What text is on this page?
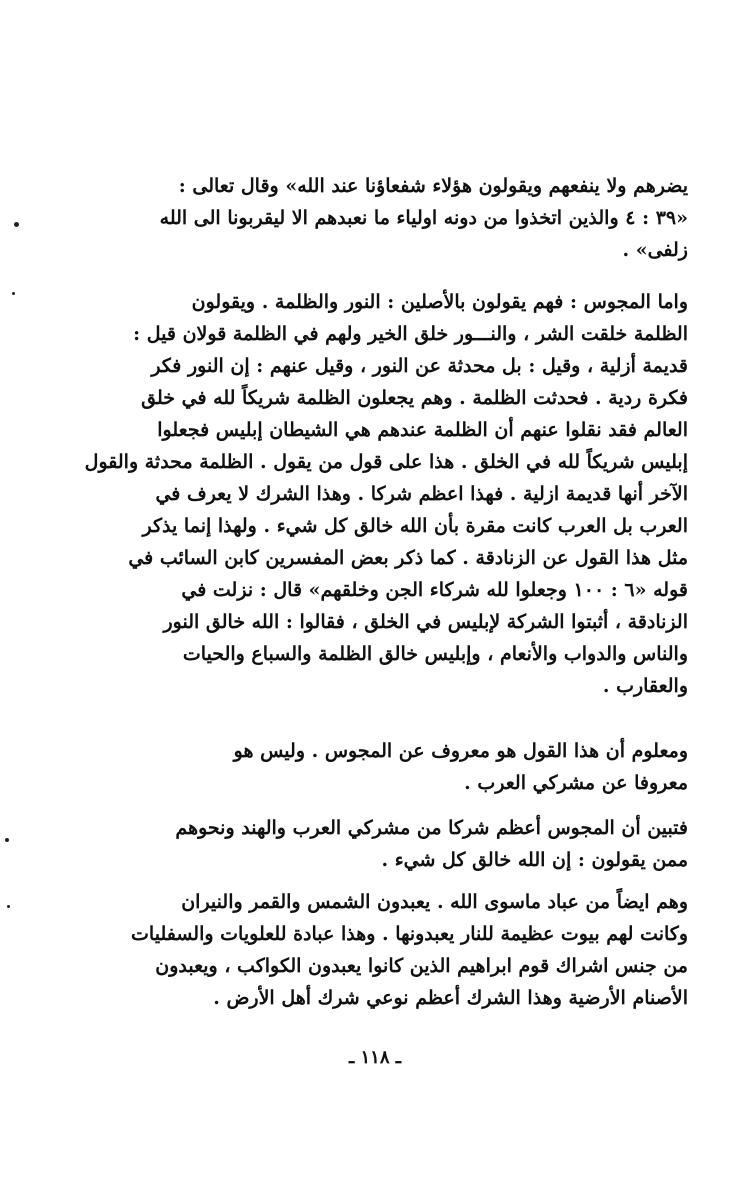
يضرهم ولا ينفعهم ويقولون هؤلاء شفعاؤنا عند الله» وقال تعالى :
«٣٩ : ٤ والذين اتخذوا من دونه اولياء ما نعبدهم الا ليقربونا الى الله
زلفى» .
واما المجوس : فهم يقولون بالأصلين : النور والظلمة . ويقولون
الظلمة خلقت الشر ، والنـــور خلق الخير ولهم في الظلمة قولان قيل :
قديمة أزلية ، وقيل : بل محدثة عن النور ، وقيل عنهم : إن النور فكر
فكرة ردية . فحدثت الظلمة . وهم يجعلون الظلمة شريكاً لله في خلق
العالم فقد نقلوا عنهم أن الظلمة عندهم هي الشيطان إبليس فجعلوا
إبليس شريكاً لله في الخلق . هذا على قول من يقول . الظلمة محدثة والقول
الآخر أنها قديمة ازلية . فهذا اعظم شركا . وهذا الشرك لا يعرف في
العرب بل العرب كانت مقرة بأن الله خالق كل شيء . ولهذا إنما يذكر
مثل هذا القول عن الزنادقة . كما ذكر بعض المفسرين كابن السائب في
قوله «٦ : ١٠٠ وجعلوا لله شركاء الجن وخلقهم» قال : نزلت في
الزنادقة ، أثبتوا الشركة لإبليس في الخلق ، فقالوا : الله خالق النور
والناس والدواب والأنعام ، وإبليس خالق الظلمة والسباع والحيات
والعقارب .
ومعلوم أن هذا القول هو معروف عن المجوس . وليس هو
معروفا عن مشركي العرب .
فتبين أن المجوس أعظم شركا من مشركي العرب والهند ونحوهم
ممن يقولون : إن الله خالق كل شيء .
وهم ايضاً من عباد ماسوى الله . يعبدون الشمس والقمر والنيران
وكانت لهم بيوت عظيمة للنار يعبدونها . وهذا عبادة للعلويات والسفليات
من جنس اشراك قوم ابراهيم الذين كانوا يعبدون الكواكب ، ويعبدون
الأصنام الأرضية وهذا الشرك أعظم نوعي شرك أهل الأرض .
ـ ١١٨ ـ
